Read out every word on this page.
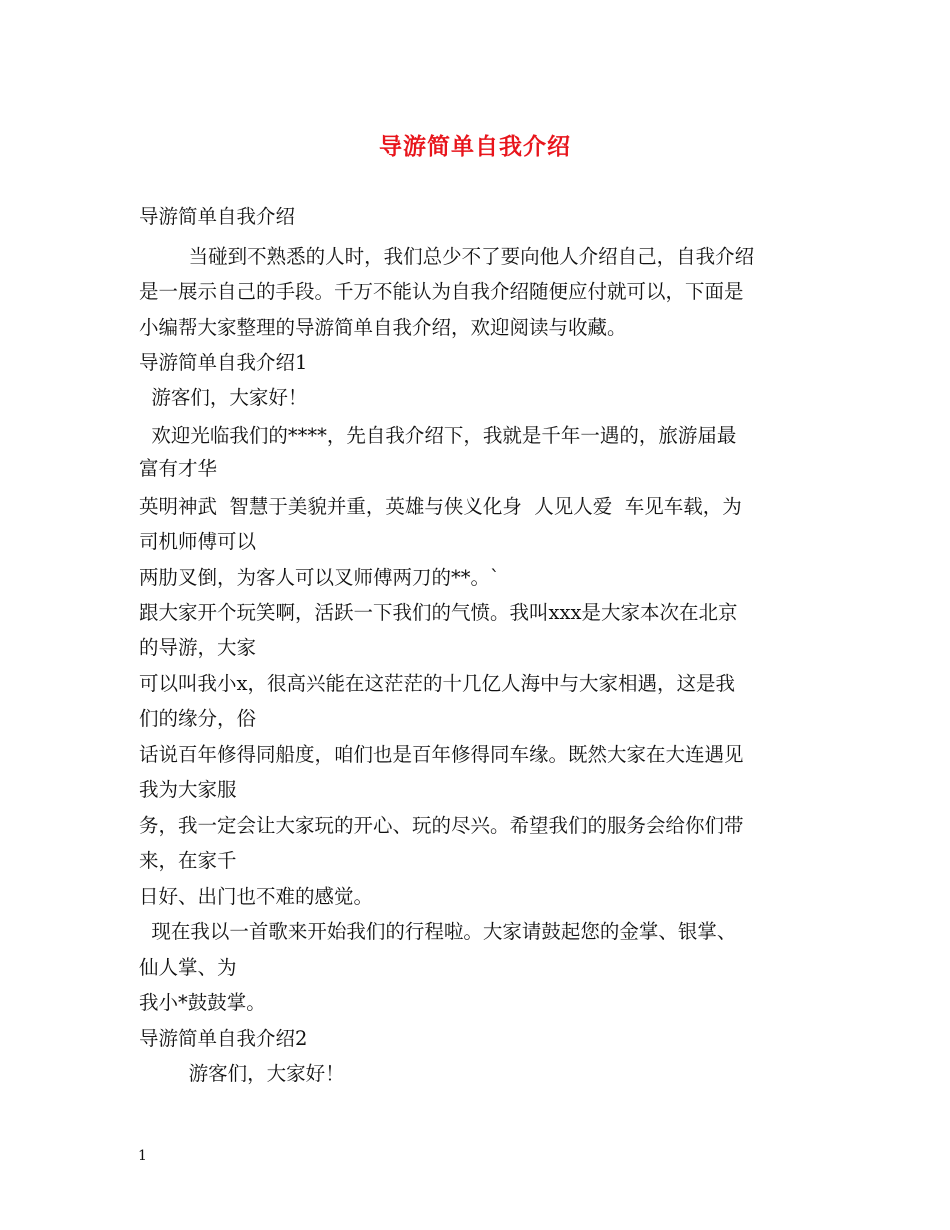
导游简单自我介绍
导游简单自我介绍
当碰到不熟悉的人时，我们总少不了要向他人介绍自己，自我介绍
是一展示自己的手段。千万不能认为自我介绍随便应付就可以，下面是
小编帮大家整理的导游简单自我介绍，欢迎阅读与收藏。
导游简单自我介绍1
游客们，大家好！
欢迎光临我们的****，先自我介绍下，我就是千年一遇的，旅游届最
富有才华
英明神武  智慧于美貌并重，英雄与侠义化身  人见人爱  车见车载，为
司机师傅可以
两肋叉倒，为客人可以叉师傅两刀的**。`
跟大家开个玩笑啊，活跃一下我们的气愤。我叫xxx是大家本次在北京
的导游，大家
可以叫我小x，很高兴能在这茫茫的十几亿人海中与大家相遇，这是我
们的缘分，俗
话说百年修得同船度，咱们也是百年修得同车缘。既然大家在大连遇见
我为大家服
务，我一定会让大家玩的开心、玩的尽兴。希望我们的服务会给你们带
来，在家千
日好、出门也不难的感觉。
现在我以一首歌来开始我们的行程啦。大家请鼓起您的金掌、银掌、
仙人掌、为
我小*鼓鼓掌。
导游简单自我介绍2
游客们，大家好！
1
